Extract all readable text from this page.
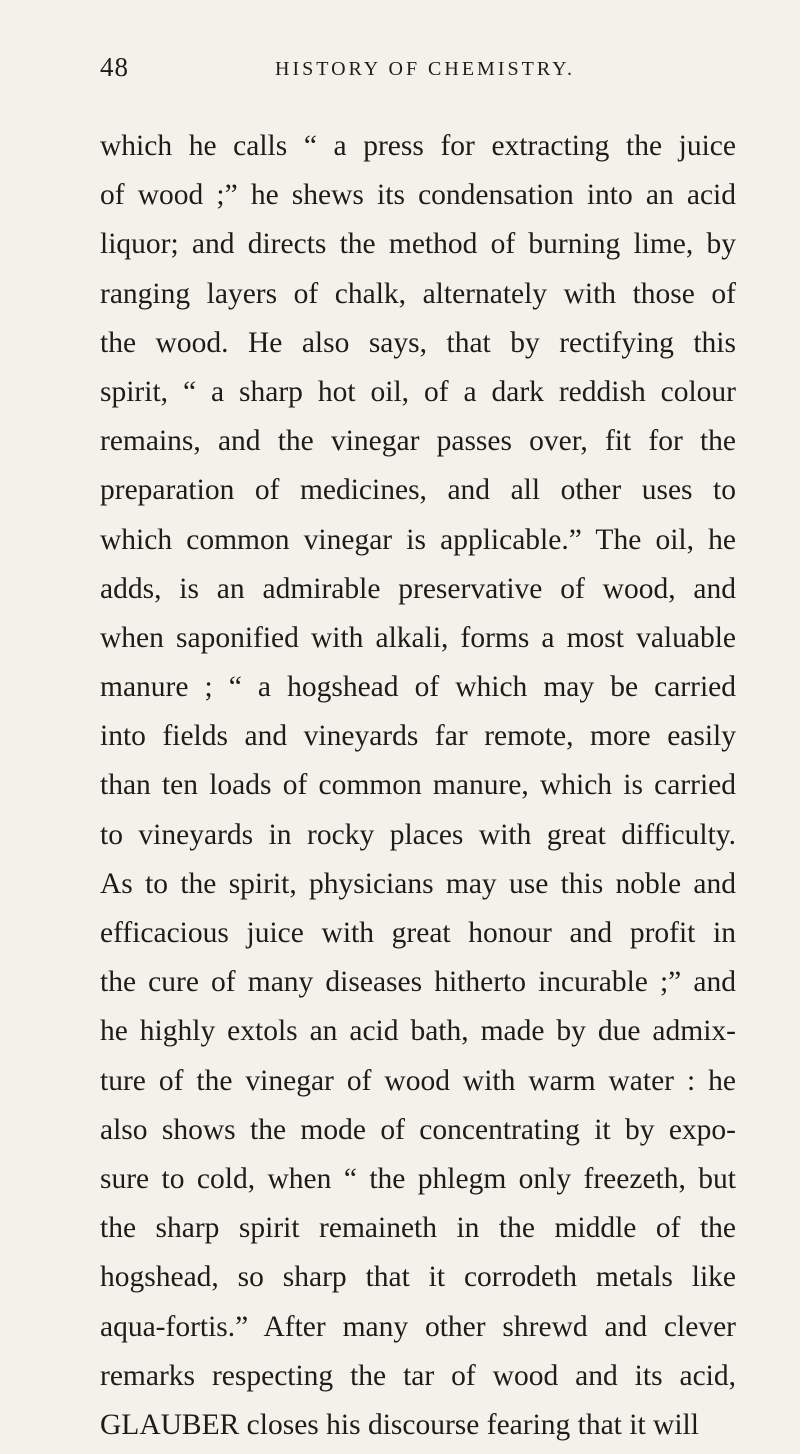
48	HISTORY OF CHEMISTRY.
which he calls “ a press for extracting the juice
of wood ;” he shews its condensation into an acid
liquor; and directs the method of burning lime, by
ranging layers of chalk, alternately with those of
the wood. He also says, that by rectifying this
spirit, “ a sharp hot oil, of a dark reddish colour
remains, and the vinegar passes over, fit for the
preparation of medicines, and all other uses to
which common vinegar is applicable.” The oil, he
adds, is an admirable preservative of wood, and
when saponified with alkali, forms a most valuable
manure ; “ a hogshead of which may be carried
into fields and vineyards far remote, more easily
than ten loads of common manure, which is carried
to vineyards in rocky places with great difficulty.
As to the spirit, physicians may use this noble and
efficacious juice with great honour and profit in
the cure of many diseases hitherto incurable ;” and
he highly extols an acid bath, made by due admix-
ture of the vinegar of wood with warm water : he
also shows the mode of concentrating it by expo-
sure to cold, when “ the phlegm only freezeth, but
the sharp spirit remaineth in the middle of the
hogshead, so sharp that it corrodeth metals like
aqua-fortis.” After many other shrewd and clever
remarks respecting the tar of wood and its acid,
GLAUBER closes his discourse fearing that it will
